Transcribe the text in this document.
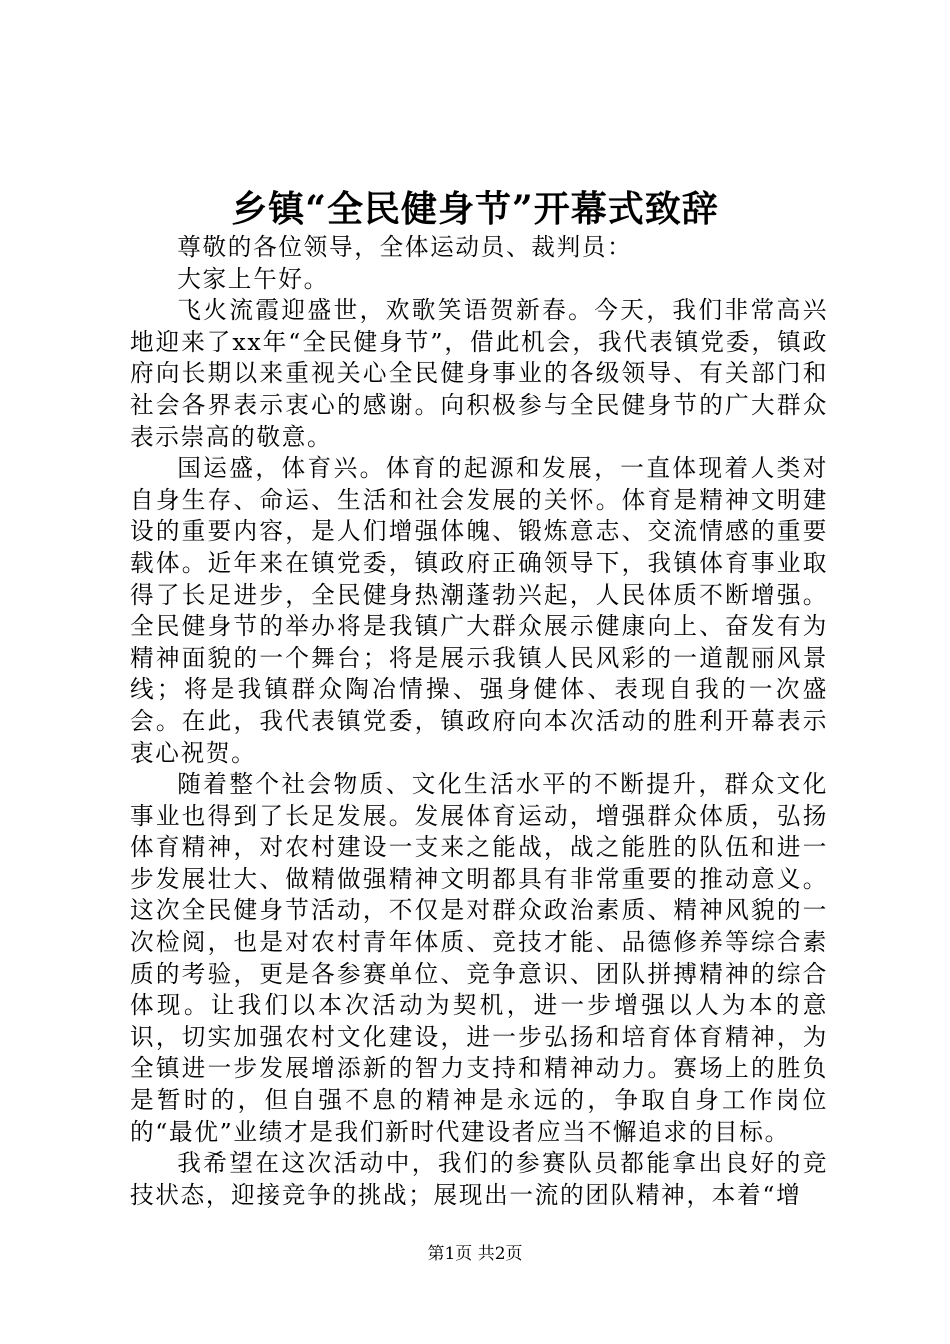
乡镇“全民健身节”开幕式致辞

尊敬的各位领导，全体运动员、裁判员：

大家上午好。

飞火流霞迎盛世，欢歌笑语贺新春。今天，我们非常高兴地迎来了xx年“全民健身节”，借此机会，我代表镇党委，镇政府向长期以来重视关心全民健身事业的各级领导、有关部门和社会各界表示衷心的感谢。向积极参与全民健身节的广大群众表示崇高的敬意。

国运盛，体育兴。体育的起源和发展，一直体现着人类对自身生存、命运、生活和社会发展的关怀。体育是精神文明建设的重要内容，是人们增强体魄、锻炼意志、交流情感的重要载体。近年来在镇党委，镇政府正确领导下，我镇体育事业取得了长足进步，全民健身热潮蓬勃兴起，人民体质不断增强。全民健身节的举办将是我镇广大群众展示健康向上、奋发有为精神面貌的一个舞台；将是展示我镇人民风彩的一道靓丽风景线；将是我镇群众陶冶情操、强身健体、表现自我的一次盛会。在此，我代表镇党委，镇政府向本次活动的胜利开幕表示衷心祝贺。

随着整个社会物质、文化生活水平的不断提升，群众文化事业也得到了长足发展。发展体育运动，增强群众体质，弘扬体育精神，对农村建设一支来之能战，战之能胜的队伍和进一步发展壮大、做精做强精神文明都具有非常重要的推动意义。这次全民健身节活动，不仅是对群众政治素质、精神风貌的一次检阅，也是对农村青年体质、竞技才能、品德修养等综合素质的考验，更是各参赛单位、竞争意识、团队拼搏精神的综合体现。让我们以本次活动为契机，进一步增强以人为本的意识，切实加强农村文化建设，进一步弘扬和培育体育精神，为全镇进一步发展增添新的智力支持和精神动力。赛场上的胜负是暂时的，但自强不息的精神是永远的，争取自身工作岗位的“最优”业绩才是我们新时代建设者应当不懈追求的目标。

我希望在这次活动中，我们的参赛队员都能拿出良好的竞技状态，迎接竞争的挑战；展现出一流的团队精神，本着“增

第1页 共2页
